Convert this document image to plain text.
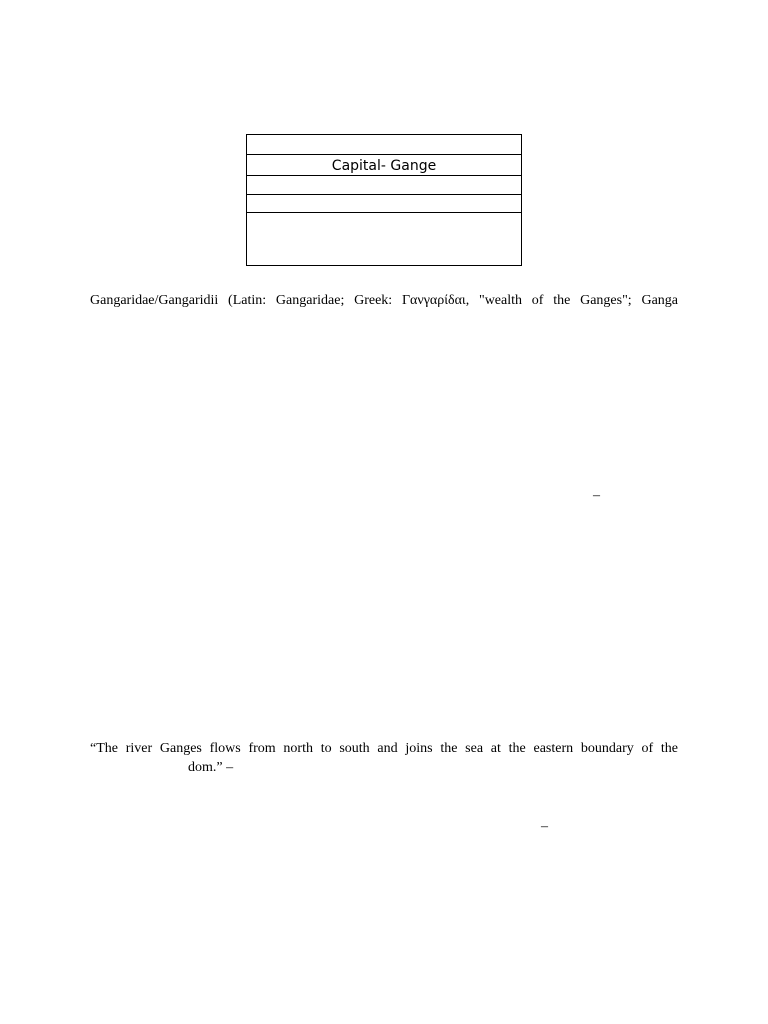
Capital- Gange
Gangaridae/Gangaridii (Latin: Gangaridae; Greek: Γανγαρίδαι, "wealth of the Ganges"; Ganga
–
“The river Ganges flows from north to south and joins the sea at the eastern boundary of the
dom.” –
–
